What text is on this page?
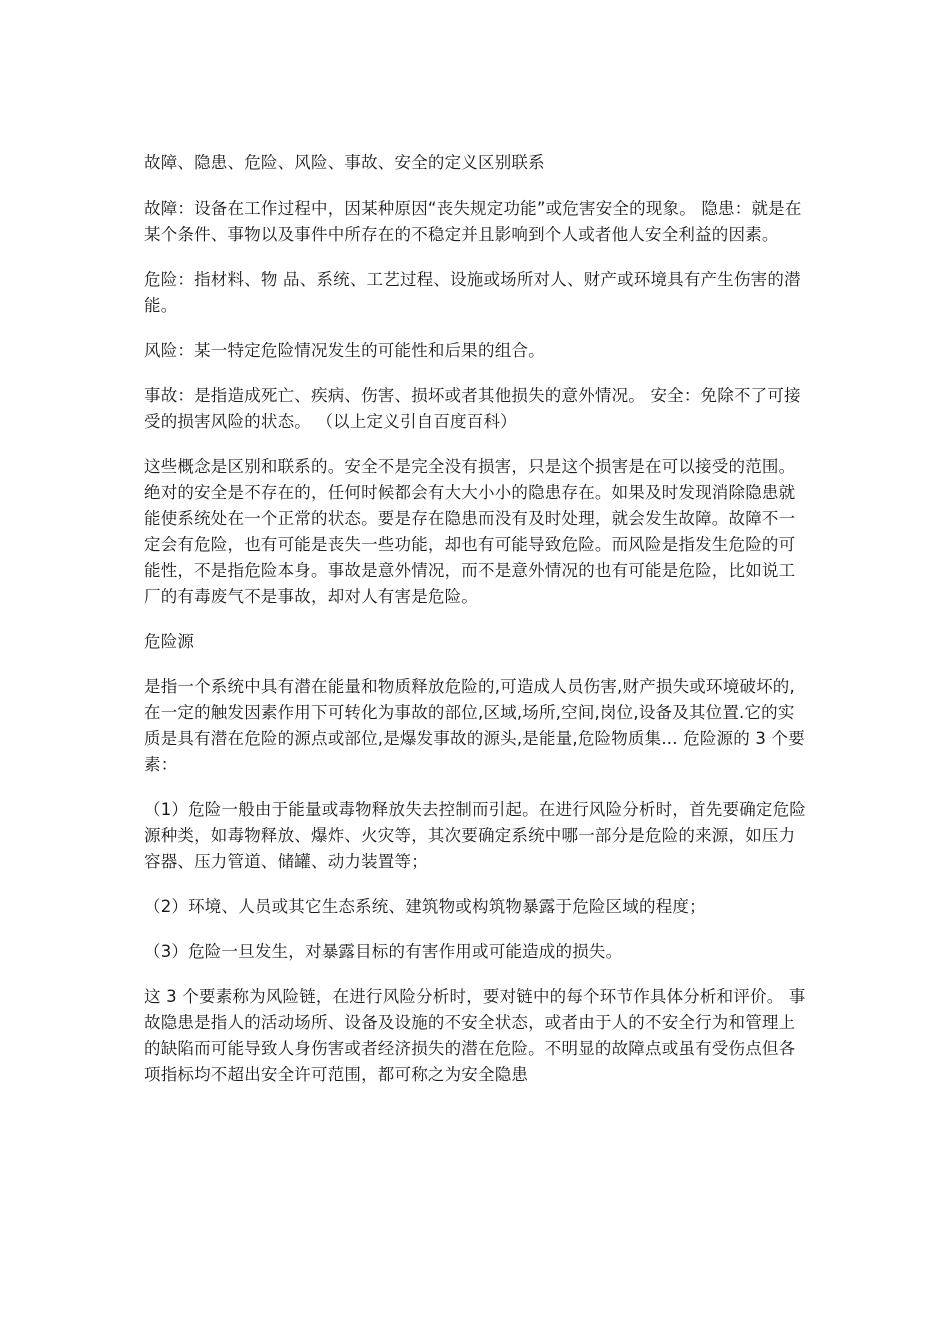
故障、隐患、危险、风险、事故、安全的定义区别联系

故障：设备在工作过程中，因某种原因“丧失规定功能”或危害安全的现象。 隐患：就是在某个条件、事物以及事件中所存在的不稳定并且影响到个人或者他人安全利益的因素。

危险：指材料、物 品、系统、工艺过程、设施或场所对人、财产或环境具有产生伤害的潜能。

风险：某一特定危险情况发生的可能性和后果的组合。

事故：是指造成死亡、疾病、伤害、损坏或者其他损失的意外情况。 安全：免除不了可接受的损害风险的状态。 （以上定义引自百度百科）

这些概念是区别和联系的。安全不是完全没有损害，只是这个损害是在可以接受的范围。绝对的安全是不存在的，任何时候都会有大大小小的隐患存在。如果及时发现消除隐患就能使系统处在一个正常的状态。要是存在隐患而没有及时处理，就会发生故障。故障不一定会有危险，也有可能是丧失一些功能，却也有可能导致危险。而风险是指发生危险的可能性，不是指危险本身。事故是意外情况，而不是意外情况的也有可能是危险，比如说工厂的有毒废气不是事故，却对人有害是危险。

危险源

是指一个系统中具有潜在能量和物质释放危险的,可造成人员伤害,财产损失或环境破坏的,在一定的触发因素作用下可转化为事故的部位,区域,场所,空间,岗位,设备及其位置.它的实质是具有潜在危险的源点或部位,是爆发事故的源头,是能量,危险物质集... 危险源的 3 个要素：

（1）危险一般由于能量或毒物释放失去控制而引起。在进行风险分析时，首先要确定危险源种类，如毒物释放、爆炸、火灾等，其次要确定系统中哪一部分是危险的来源，如压力容器、压力管道、储罐、动力装置等；

（2）环境、人员或其它生态系统、建筑物或构筑物暴露于危险区域的程度；

（3）危险一旦发生，对暴露目标的有害作用或可能造成的损失。

这 3 个要素称为风险链，在进行风险分析时，要对链中的每个环节作具体分析和评价。 事故隐患是指人的活动场所、设备及设施的不安全状态，或者由于人的不安全行为和管理上的缺陷而可能导致人身伤害或者经济损失的潜在危险。不明显的故障点或虽有受伤点但各项指标均不超出安全许可范围，都可称之为安全隐患
